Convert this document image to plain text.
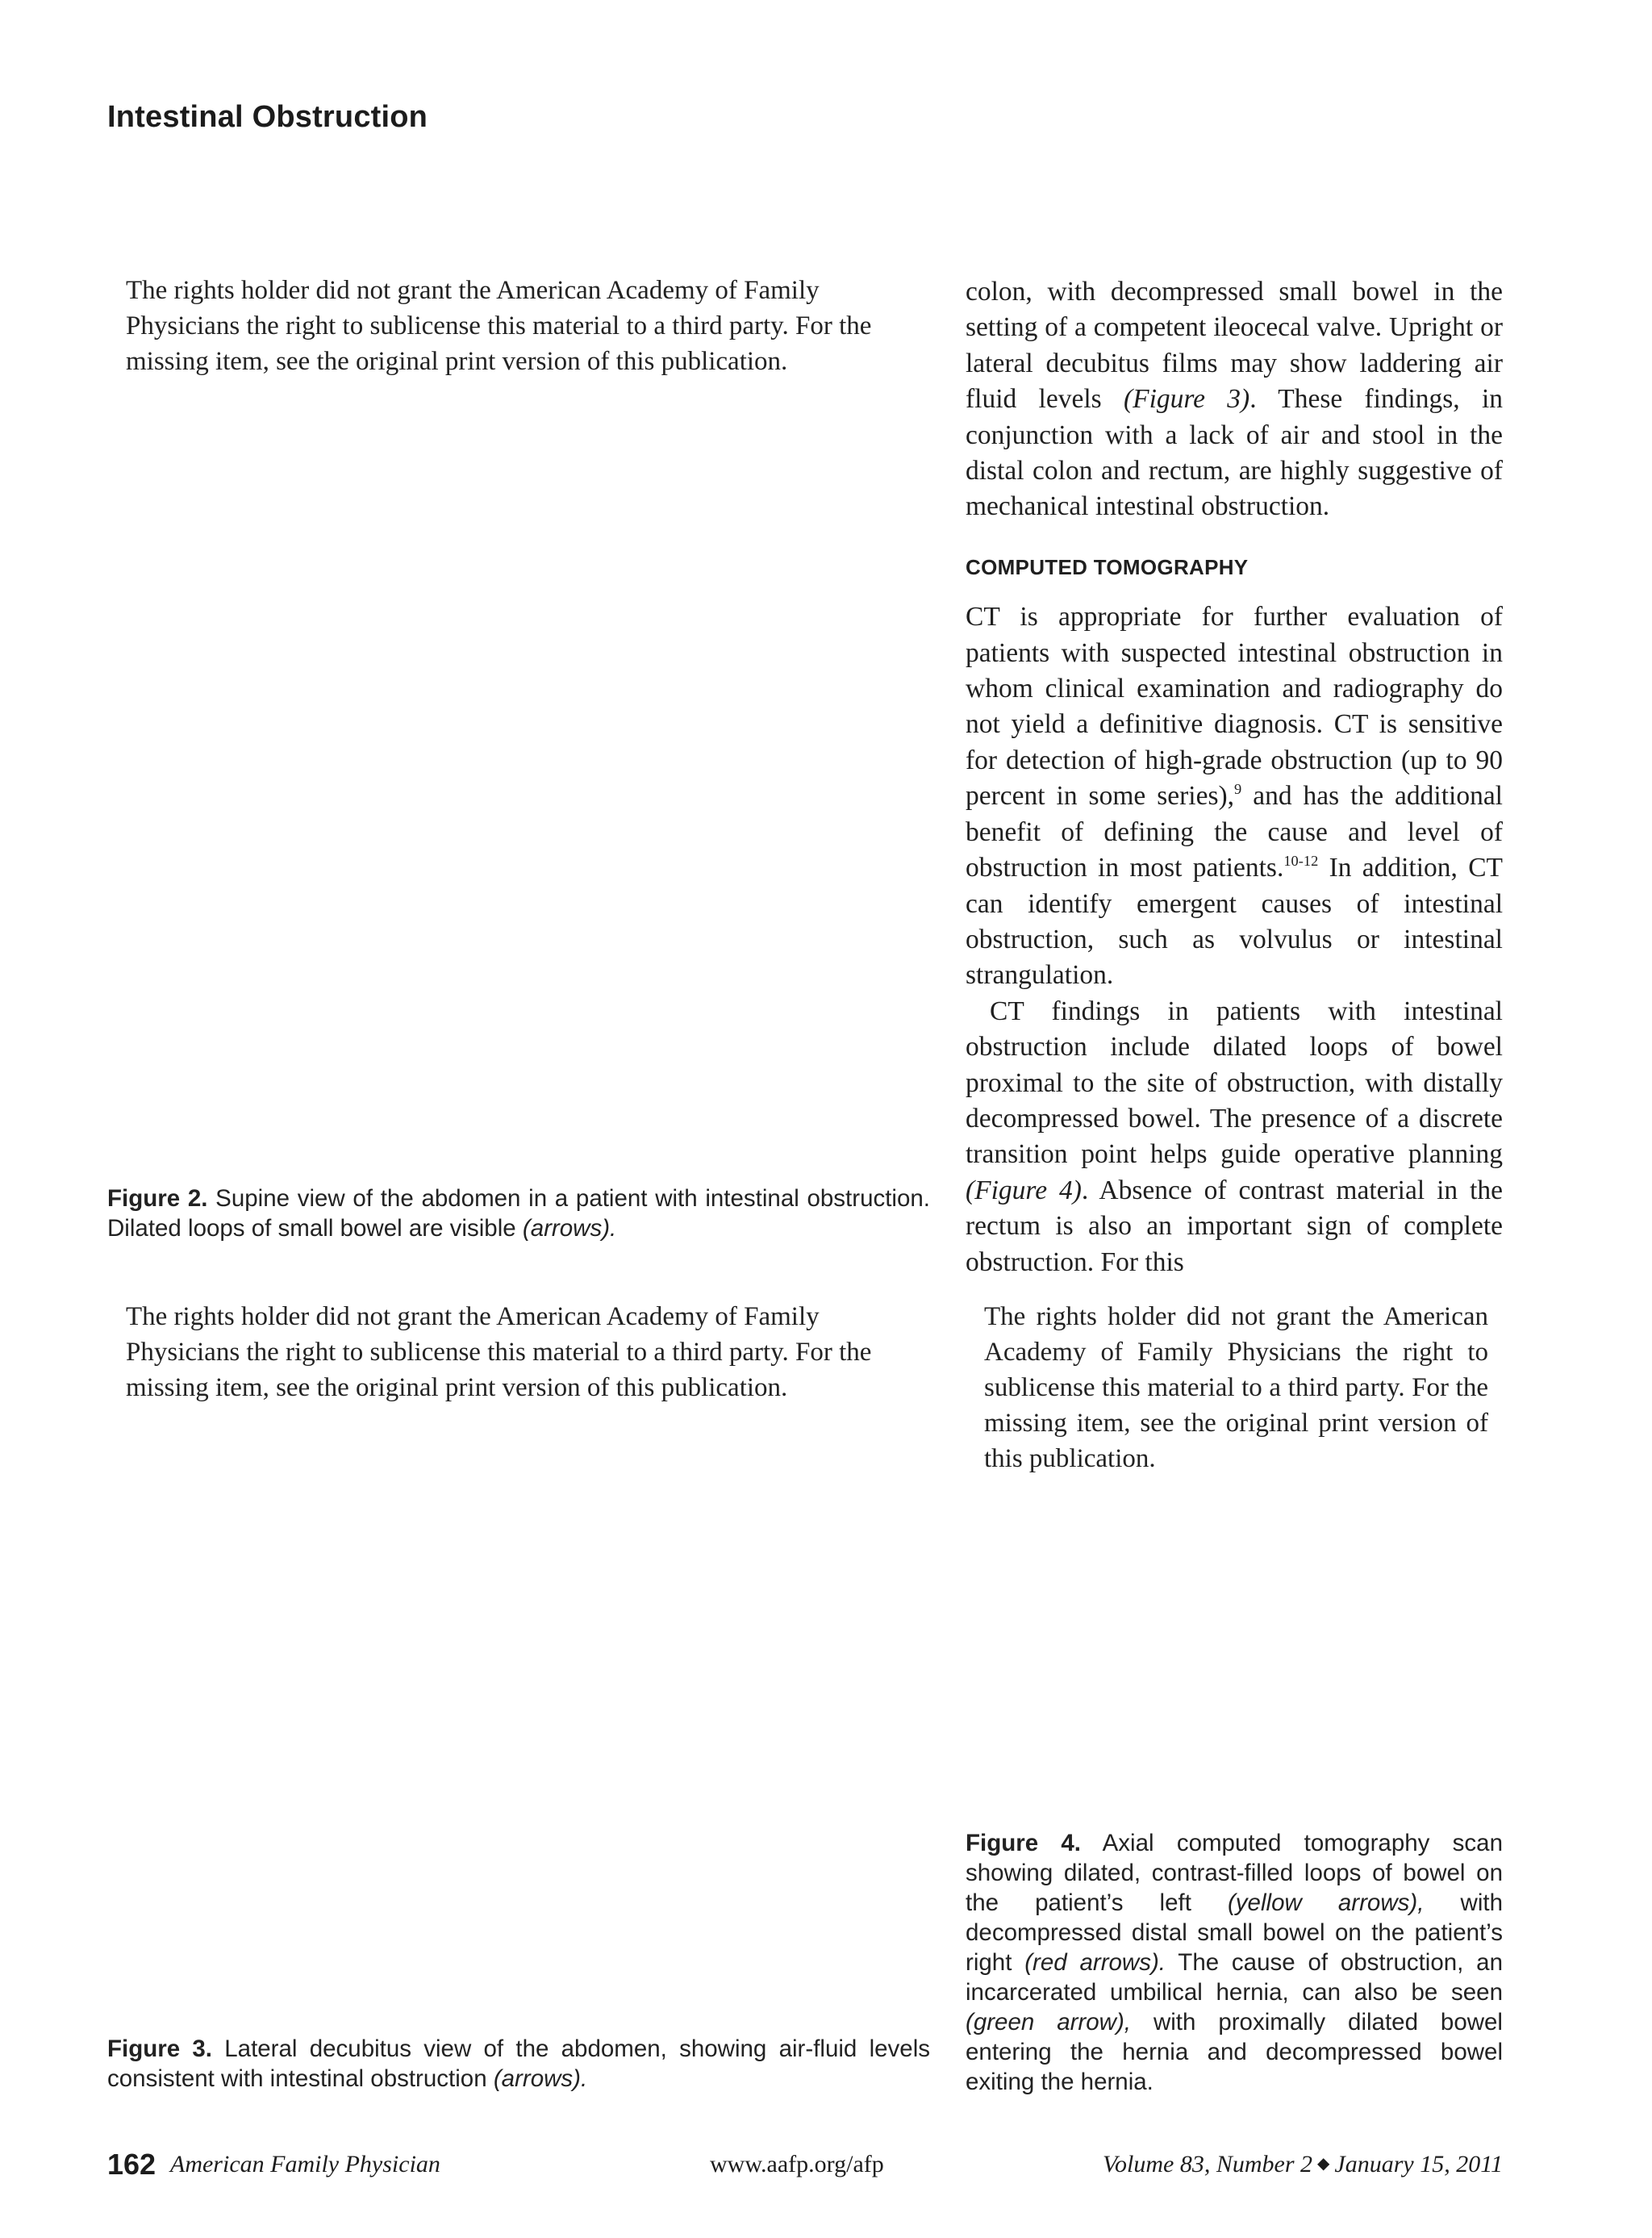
Intestinal Obstruction
The rights holder did not grant the American Academy of Family Physicians the right to sublicense this material to a third party. For the missing item, see the original print version of this publication.
Figure 2. Supine view of the abdomen in a patient with intestinal obstruction. Dilated loops of small bowel are visible (arrows).
The rights holder did not grant the American Academy of Family Physicians the right to sublicense this material to a third party. For the missing item, see the original print version of this publication.
Figure 3. Lateral decubitus view of the abdomen, showing air-fluid levels consistent with intestinal obstruction (arrows).

colon, with decompressed small bowel in the setting of a competent ileocecal valve. Upright or lateral decubitus films may show laddering air fluid levels (Figure 3). These findings, in conjunction with a lack of air and stool in the distal colon and rectum, are highly suggestive of mechanical intestinal obstruction.

COMPUTED TOMOGRAPHY

CT is appropriate for further evaluation of patients with suspected intestinal obstruction in whom clinical examination and radiography do not yield a definitive diagnosis. CT is sensitive for detection of high-grade obstruction (up to 90 percent in some series),$^9$ and has the additional benefit of defining the cause and level of obstruction in most patients.$^{10-12}$ In addition, CT can identify emergent causes of intestinal obstruction, such as volvulus or intestinal strangulation.

CT findings in patients with intestinal obstruction include dilated loops of bowel proximal to the site of obstruction, with distally decompressed bowel. The presence of a discrete transition point helps guide operative planning (Figure 4). Absence of contrast material in the rectum is also an important sign of complete obstruction. For this

The rights holder did not grant the American Academy of Family Physicians the right to sublicense this material to a third party. For the missing item, see the original print version of this publication.
Figure 4. Axial computed tomography scan showing dilated, contrast-filled loops of bowel on the patient’s left (yellow arrows), with decompressed distal small bowel on the patient’s right (red arrows). The cause of obstruction, an incarcerated umbilical hernia, can also be seen (green arrow), with proximally dilated bowel entering the hernia and decompressed bowel exiting the hernia.
162 American Family Physician	www.aafp.org/afp	Volume 83, Number 2 ◆ January 15, 2011
